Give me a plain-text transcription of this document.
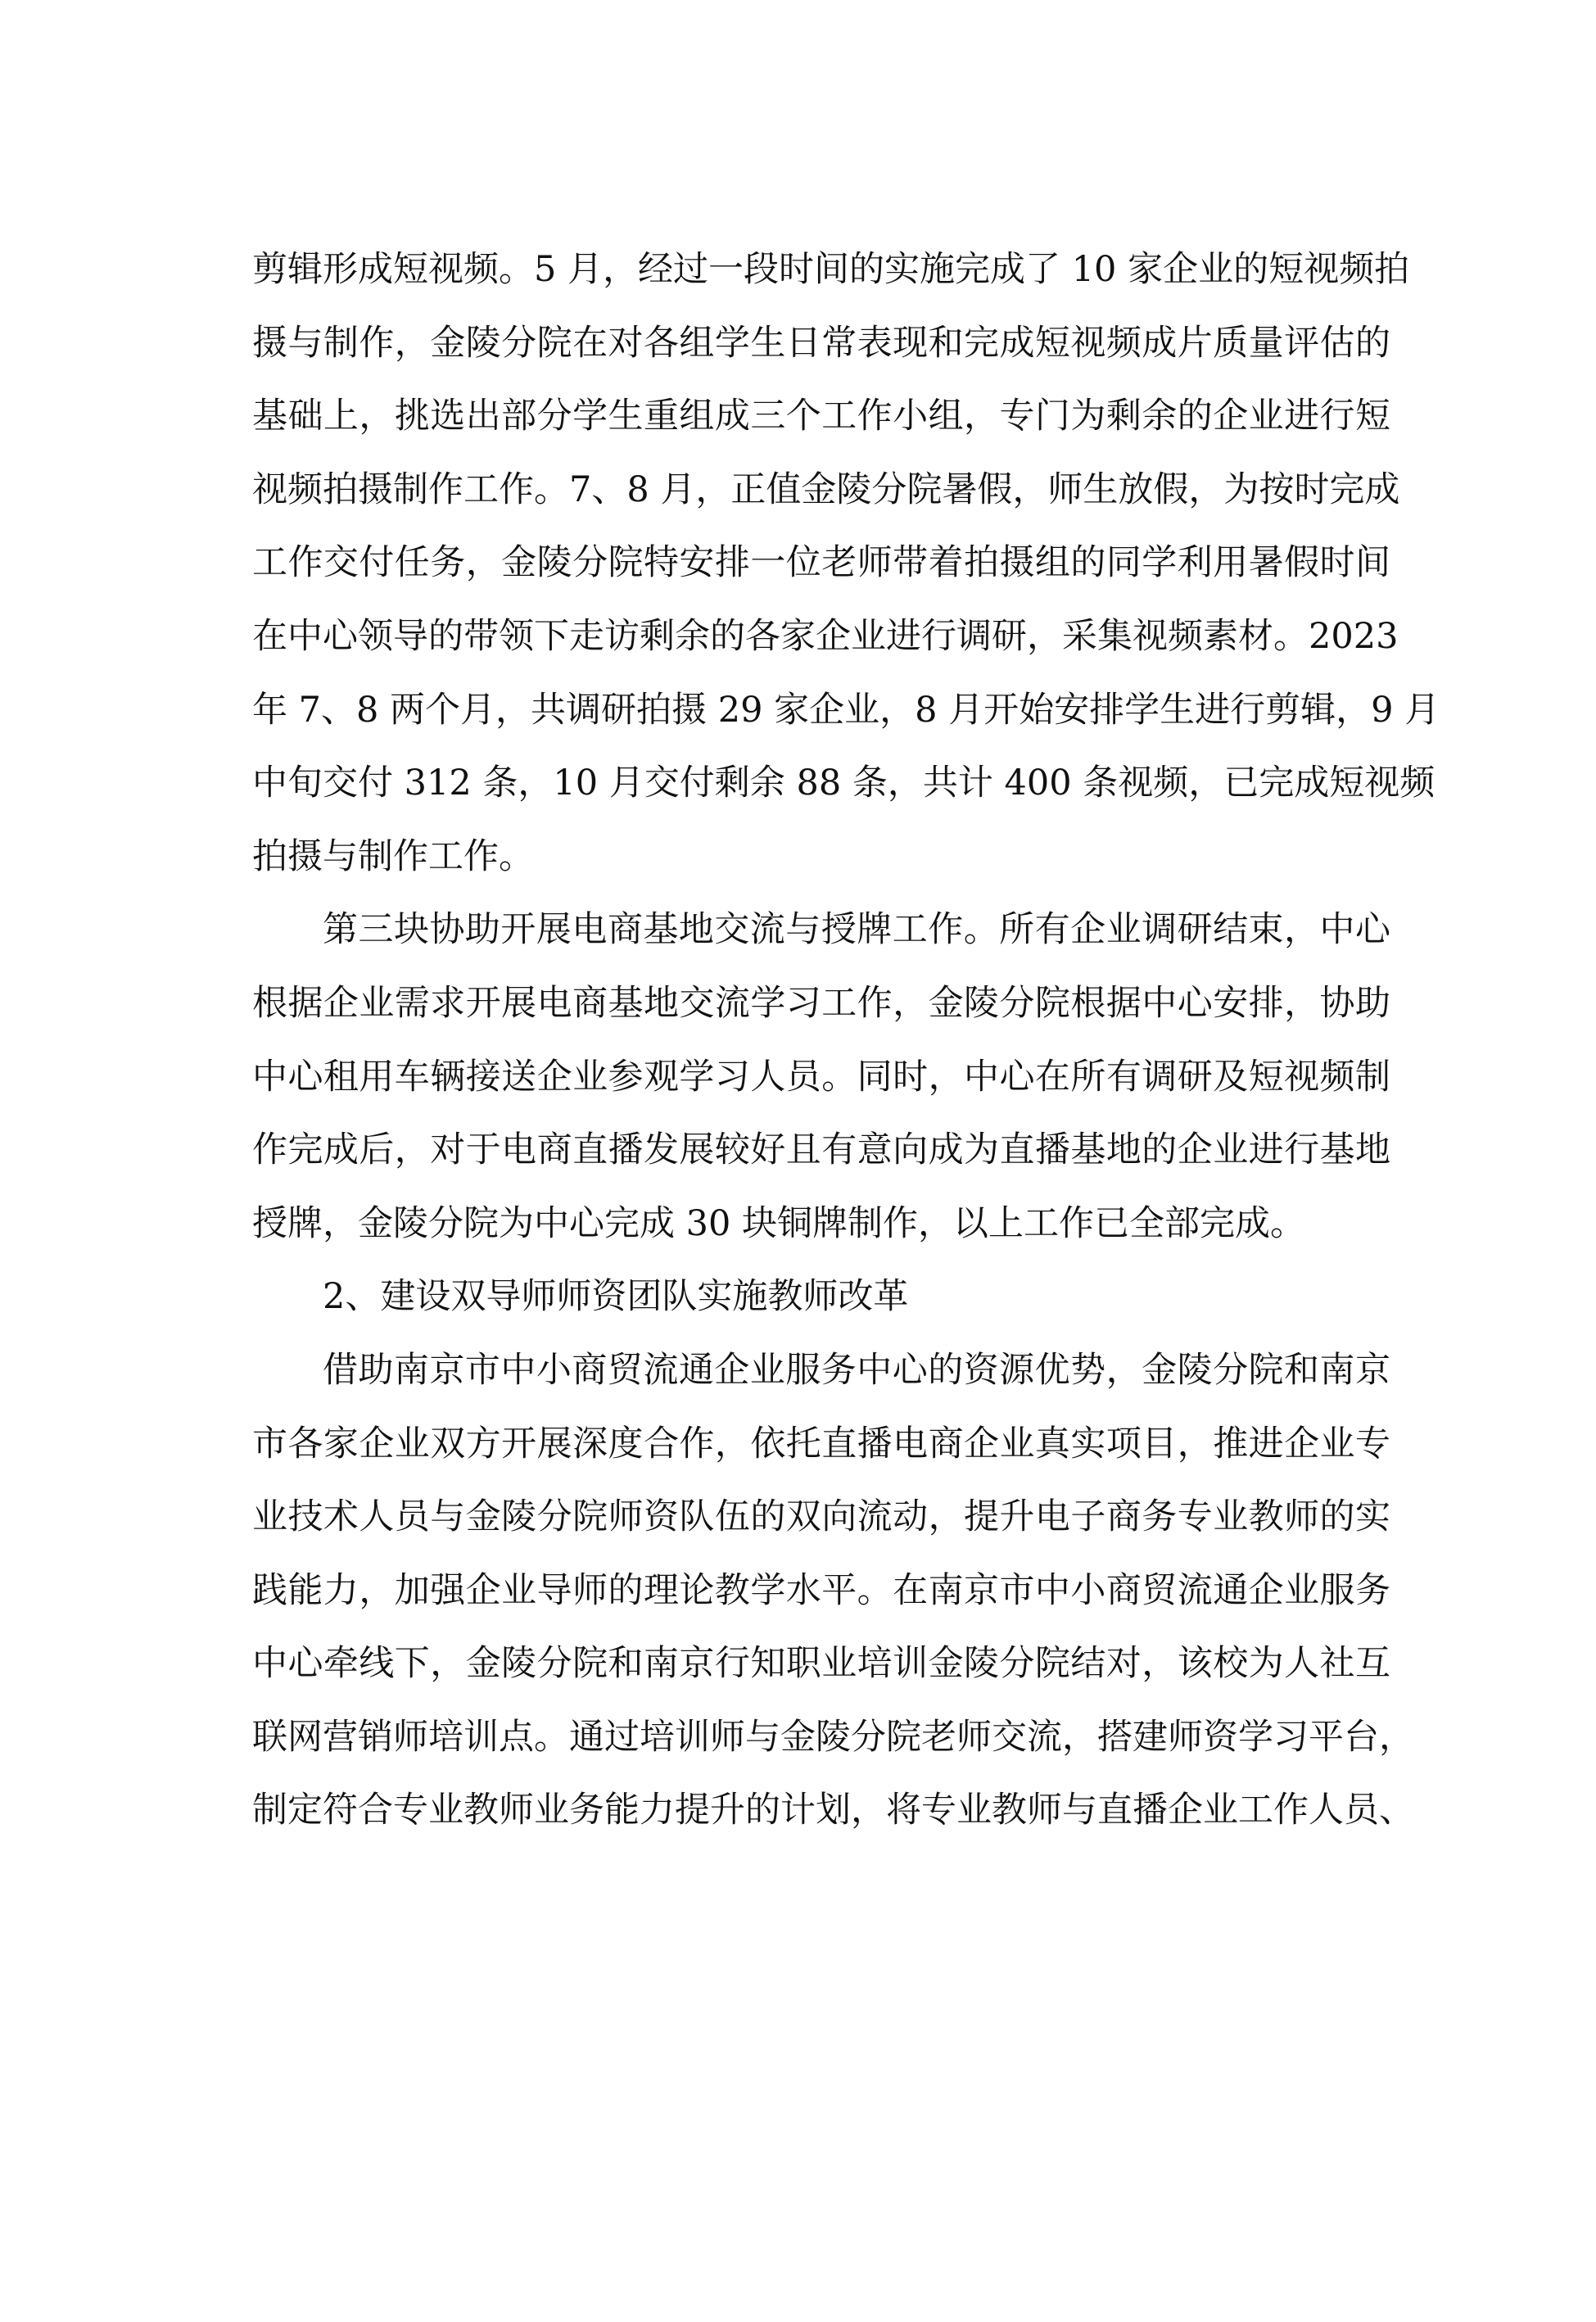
剪辑形成短视频。5 月，经过一段时间的实施完成了 10 家企业的短视频拍
摄与制作，金陵分院在对各组学生日常表现和完成短视频成片质量评估的
基础上，挑选出部分学生重组成三个工作小组，专门为剩余的企业进行短
视频拍摄制作工作。7、8 月，正值金陵分院暑假，师生放假，为按时完成
工作交付任务，金陵分院特安排一位老师带着拍摄组的同学利用暑假时间
在中心领导的带领下走访剩余的各家企业进行调研，采集视频素材。2023
年 7、8 两个月，共调研拍摄 29 家企业，8 月开始安排学生进行剪辑，9 月
中旬交付 312 条，10 月交付剩余 88 条，共计 400 条视频，已完成短视频
拍摄与制作工作。
第三块协助开展电商基地交流与授牌工作。所有企业调研结束，中心
根据企业需求开展电商基地交流学习工作，金陵分院根据中心安排，协助
中心租用车辆接送企业参观学习人员。同时，中心在所有调研及短视频制
作完成后，对于电商直播发展较好且有意向成为直播基地的企业进行基地
授牌，金陵分院为中心完成 30 块铜牌制作，以上工作已全部完成。
2、建设双导师师资团队实施教师改革
借助南京市中小商贸流通企业服务中心的资源优势，金陵分院和南京
市各家企业双方开展深度合作，依托直播电商企业真实项目，推进企业专
业技术人员与金陵分院师资队伍的双向流动，提升电子商务专业教师的实
践能力，加强企业导师的理论教学水平。在南京市中小商贸流通企业服务
中心牵线下，金陵分院和南京行知职业培训金陵分院结对，该校为人社互
联网营销师培训点。通过培训师与金陵分院老师交流，搭建师资学习平台，
制定符合专业教师业务能力提升的计划，将专业教师与直播企业工作人员、
